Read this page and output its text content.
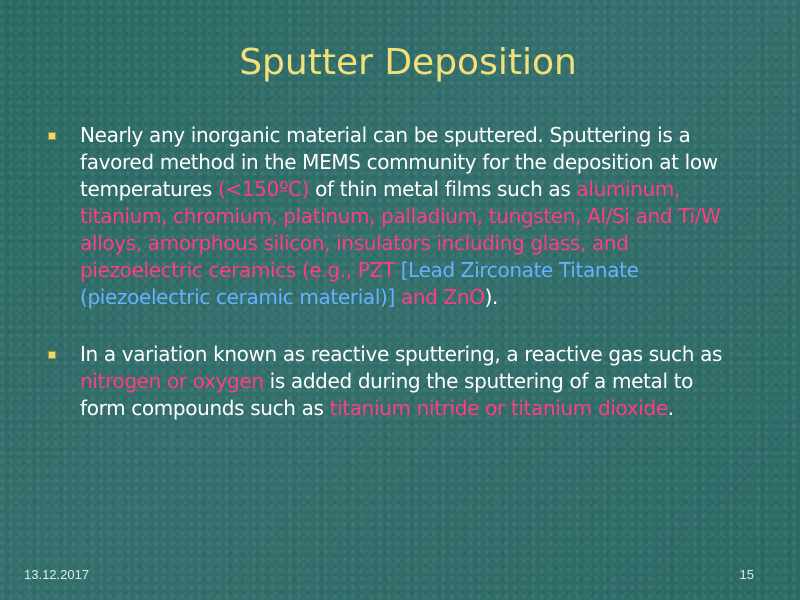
Sputter Deposition
Nearly any inorganic material can be sputtered. Sputtering is a favored method in the MEMS community for the deposition at low temperatures (<150ºC) of thin metal films such as aluminum, titanium, chromium, platinum, palladium, tungsten, Al/Si and Ti/W alloys, amorphous silicon, insulators including glass, and piezoelectric ceramics (e.g., PZT [Lead Zirconate Titanate (piezoelectric ceramic material)] and ZnO).
In a variation known as reactive sputtering, a reactive gas such as nitrogen or oxygen is added during the sputtering of a metal to form compounds such as titanium nitride or titanium dioxide.
13.12.2017	15
